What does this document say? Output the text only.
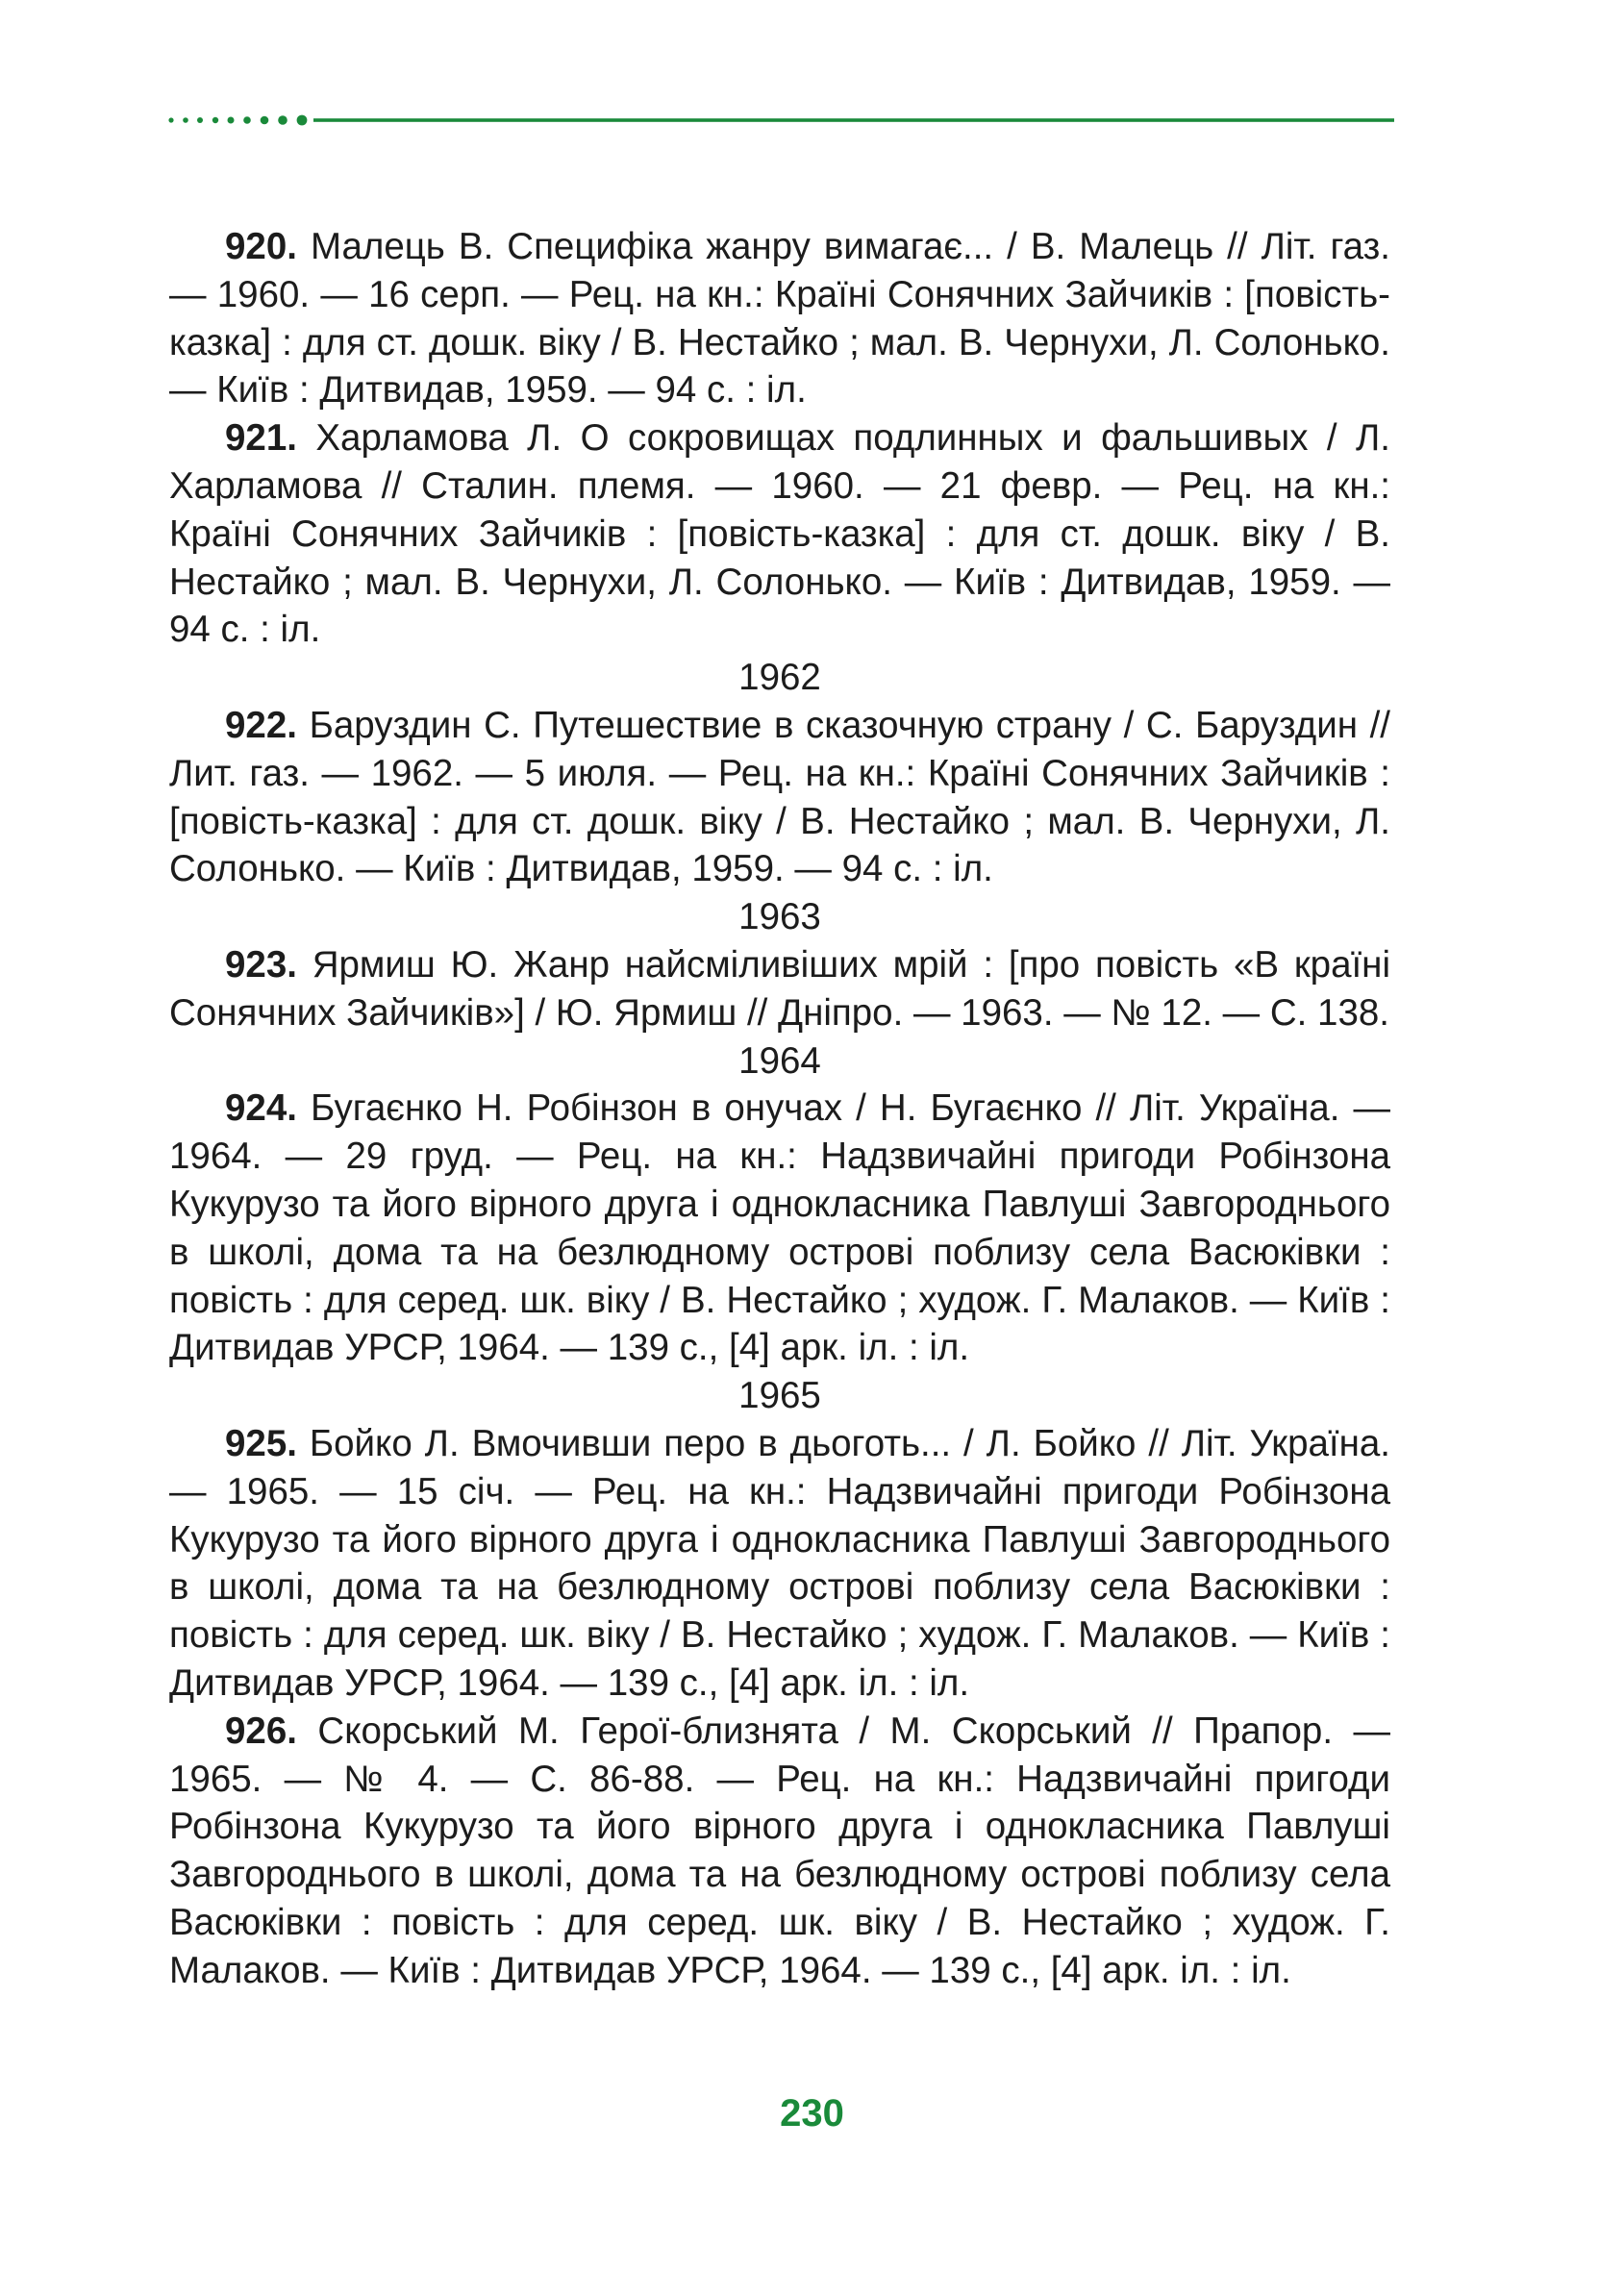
920. Малець В. Специфіка жанру вимагає... / В. Малець // Літ. газ. — 1960. — 16 серп. — Рец. на кн.: Країні Сонячних Зайчиків : [повість-казка] : для ст. дошк. віку / В. Нестайко ; мал. В. Чернухи, Л. Солонько. — Київ : Дитвидав, 1959. — 94 с. : іл.

921. Харламова Л. О сокровищах подлинных и фальшивых / Л. Харламова // Сталин. племя. — 1960. — 21 февр. — Рец. на кн.: Країні Сонячних Зайчиків : [повість-казка] : для ст. дошк. віку / В. Нестайко ; мал. В. Чернухи, Л. Солонько. — Київ : Дитвидав, 1959. — 94 с. : іл.

1962

922. Баруздин С. Путешествие в сказочную страну / С. Баруздин // Лит. газ. — 1962. — 5 июля. — Рец. на кн.: Країні Сонячних Зайчиків : [повість-казка] : для ст. дошк. віку / В. Нестайко ; мал. В. Чернухи, Л. Солонько. — Київ : Дитвидав, 1959. — 94 с. : іл.

1963

923. Ярмиш Ю. Жанр найсміливіших мрій : [про повість «В країні Сонячних Зайчиків»] / Ю. Ярмиш // Дніпро. — 1963. — № 12. — С. 138.

1964

924. Бугаєнко Н. Робінзон в онучах / Н. Бугаєнко // Літ. Україна. — 1964. — 29 груд. — Рец. на кн.: Надзвичайні пригоди Робінзона Кукурузо та його вірного друга і однокласника Павлуші Завгороднього в школі, дома та на безлюдному острові поблизу села Васюківки : повість : для серед. шк. віку / В. Нестайко ; худож. Г. Малаков. — Київ : Дитвидав УРСР, 1964. — 139 с., [4] арк. іл. : іл.

1965

925. Бойко Л. Вмочивши перо в дьоготь... / Л. Бойко // Літ. Україна. — 1965. — 15 січ. — Рец. на кн.: Надзвичайні пригоди Робінзона Кукурузо та його вірного друга і однокласника Павлуші Завгороднього в школі, дома та на безлюдному острові поблизу села Васюківки : повість : для серед. шк. віку / В. Нестайко ; худож. Г. Малаков. — Київ : Дитвидав УРСР, 1964. — 139 с., [4] арк. іл. : іл.

926. Скорський М. Герої-близнята / М. Скорський // Прапор. — 1965. — № 4. — С. 86-88. — Рец. на кн.: Надзвичайні пригоди Робінзона Кукурузо та його вірного друга і однокласника Павлуші Завгороднього в школі, дома та на безлюдному острові поблизу села Васюківки : повість : для серед. шк. віку / В. Нестайко ; худож. Г. Малаков. — Київ : Дитвидав УРСР, 1964. — 139 с., [4] арк. іл. : іл.

230
